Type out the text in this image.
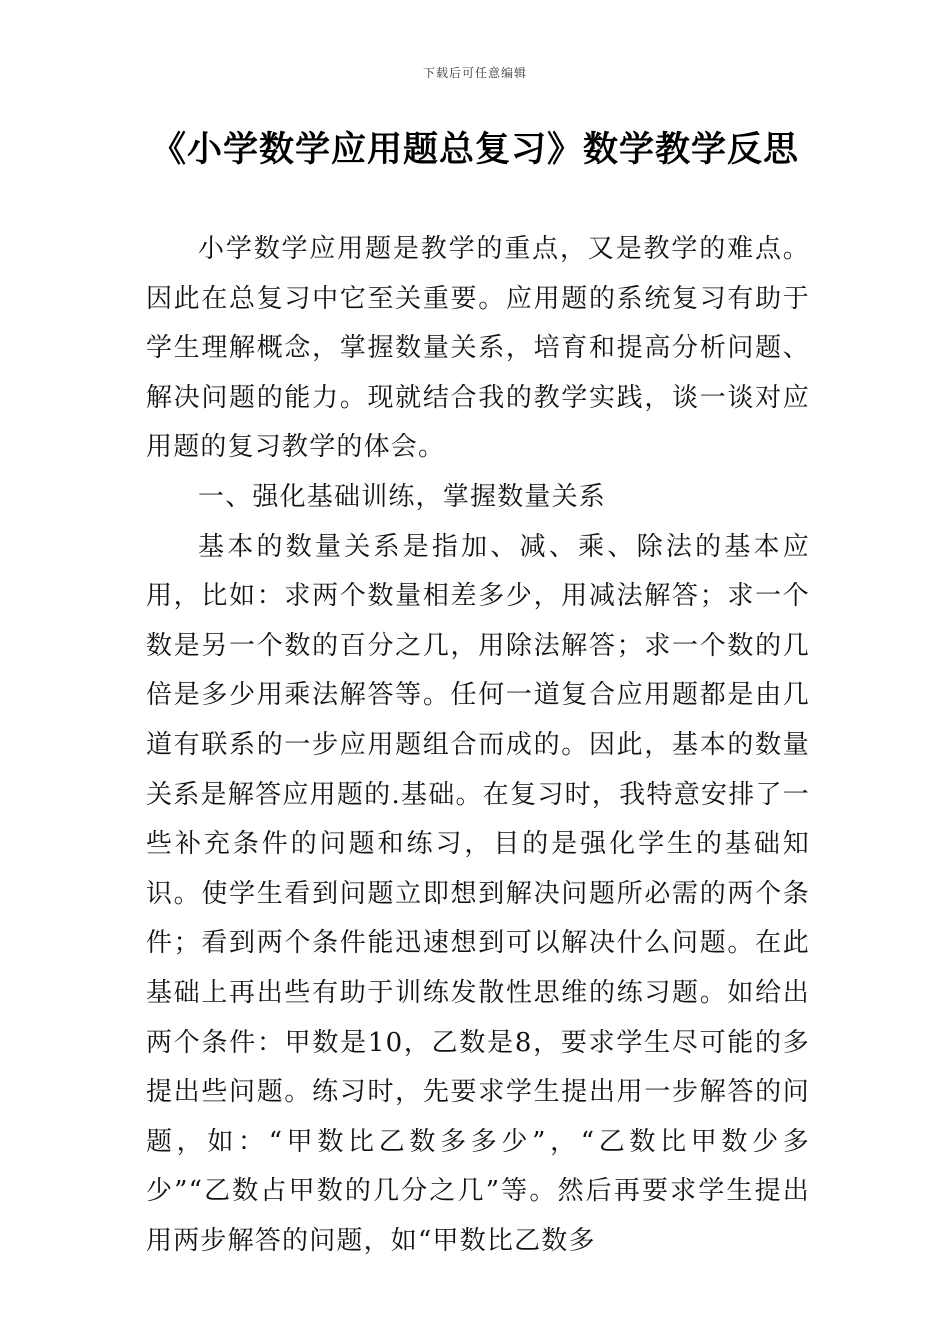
下载后可任意编辑
《小学数学应用题总复习》数学教学反思

小学数学应用题是教学的重点，又是教学的难点。因此在总复习中它至关重要。应用题的系统复习有助于学生理解概念，掌握数量关系，培育和提高分析问题、解决问题的能力。现就结合我的教学实践，谈一谈对应用题的复习教学的体会。

一、强化基础训练，掌握数量关系

基本的数量关系是指加、减、乘、除法的基本应用，比如：求两个数量相差多少，用减法解答；求一个数是另一个数的百分之几，用除法解答；求一个数的几倍是多少用乘法解答等。任何一道复合应用题都是由几道有联系的一步应用题组合而成的。因此，基本的数量关系是解答应用题的.基础。在复习时，我特意安排了一些补充条件的问题和练习，目的是强化学生的基础知识。使学生看到问题立即想到解决问题所必需的两个条件；看到两个条件能迅速想到可以解决什么问题。在此基础上再出些有助于训练发散性思维的练习题。如给出两个条件：甲数是10，乙数是8，要求学生尽可能的多提出些问题。练习时，先要求学生提出用一步解答的问题，如：“甲数比乙数多多少”，“乙数比甲数少多少”“乙数占甲数的几分之几”等。然后再要求学生提出用两步解答的问题，如“甲数比乙数多
